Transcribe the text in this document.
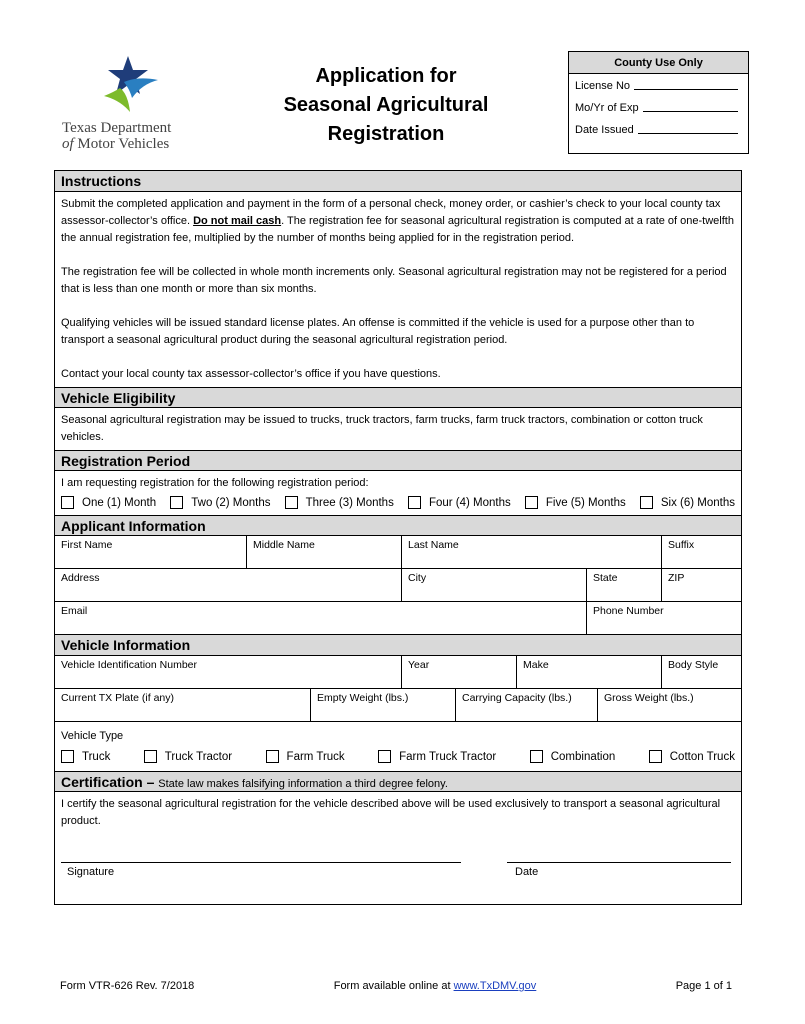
Texas Department
of Motor Vehicles
Application for
Seasonal Agricultural
Registration
County Use Only
License No
Mo/Yr of Exp
Date Issued
Instructions

Submit the completed application and payment in the form of a personal check, money order, or cashier’s check to your local county tax assessor-collector’s office. Do not mail cash. The registration fee for seasonal agricultural registration is computed at a rate of one-twelfth the annual registration fee, multiplied by the number of months being applied for in the registration period.

The registration fee will be collected in whole month increments only. Seasonal agricultural registration may not be registered for a period that is less than one month or more than six months.

Qualifying vehicles will be issued standard license plates. An offense is committed if the vehicle is used for a purpose other than to transport a seasonal agricultural product during the seasonal agricultural registration period.

Contact your local county tax assessor-collector’s office if you have questions.

Vehicle Eligibility
Seasonal agricultural registration may be issued to trucks, truck tractors, farm trucks, farm truck tractors, combination or cotton truck vehicles.
Registration Period
I am requesting registration for the following registration period:
One (1) Month	Two (2) Months	Three (3) Months	Four (4) Months	Five (5) Months	Six (6) Months
Applicant Information
First Name	Middle Name	Last Name	Suffix
Address	City	State	ZIP
Email	Phone Number
Vehicle Information
Vehicle Identification Number	Year	Make	Body Style
Current TX Plate (if any)	Empty Weight (lbs.)	Carrying Capacity (lbs.)	Gross Weight (lbs.)
Vehicle Type
Truck	Truck Tractor	Farm Truck	Farm Truck Tractor	Combination	Cotton Truck
Certification – State law makes falsifying information a third degree felony.
I certify the seasonal agricultural registration for the vehicle described above will be used exclusively to transport a seasonal agricultural product.
Signature	Date
Form VTR-626 Rev. 7/2018	Form available online at www.TxDMV.gov	Page 1 of 1
